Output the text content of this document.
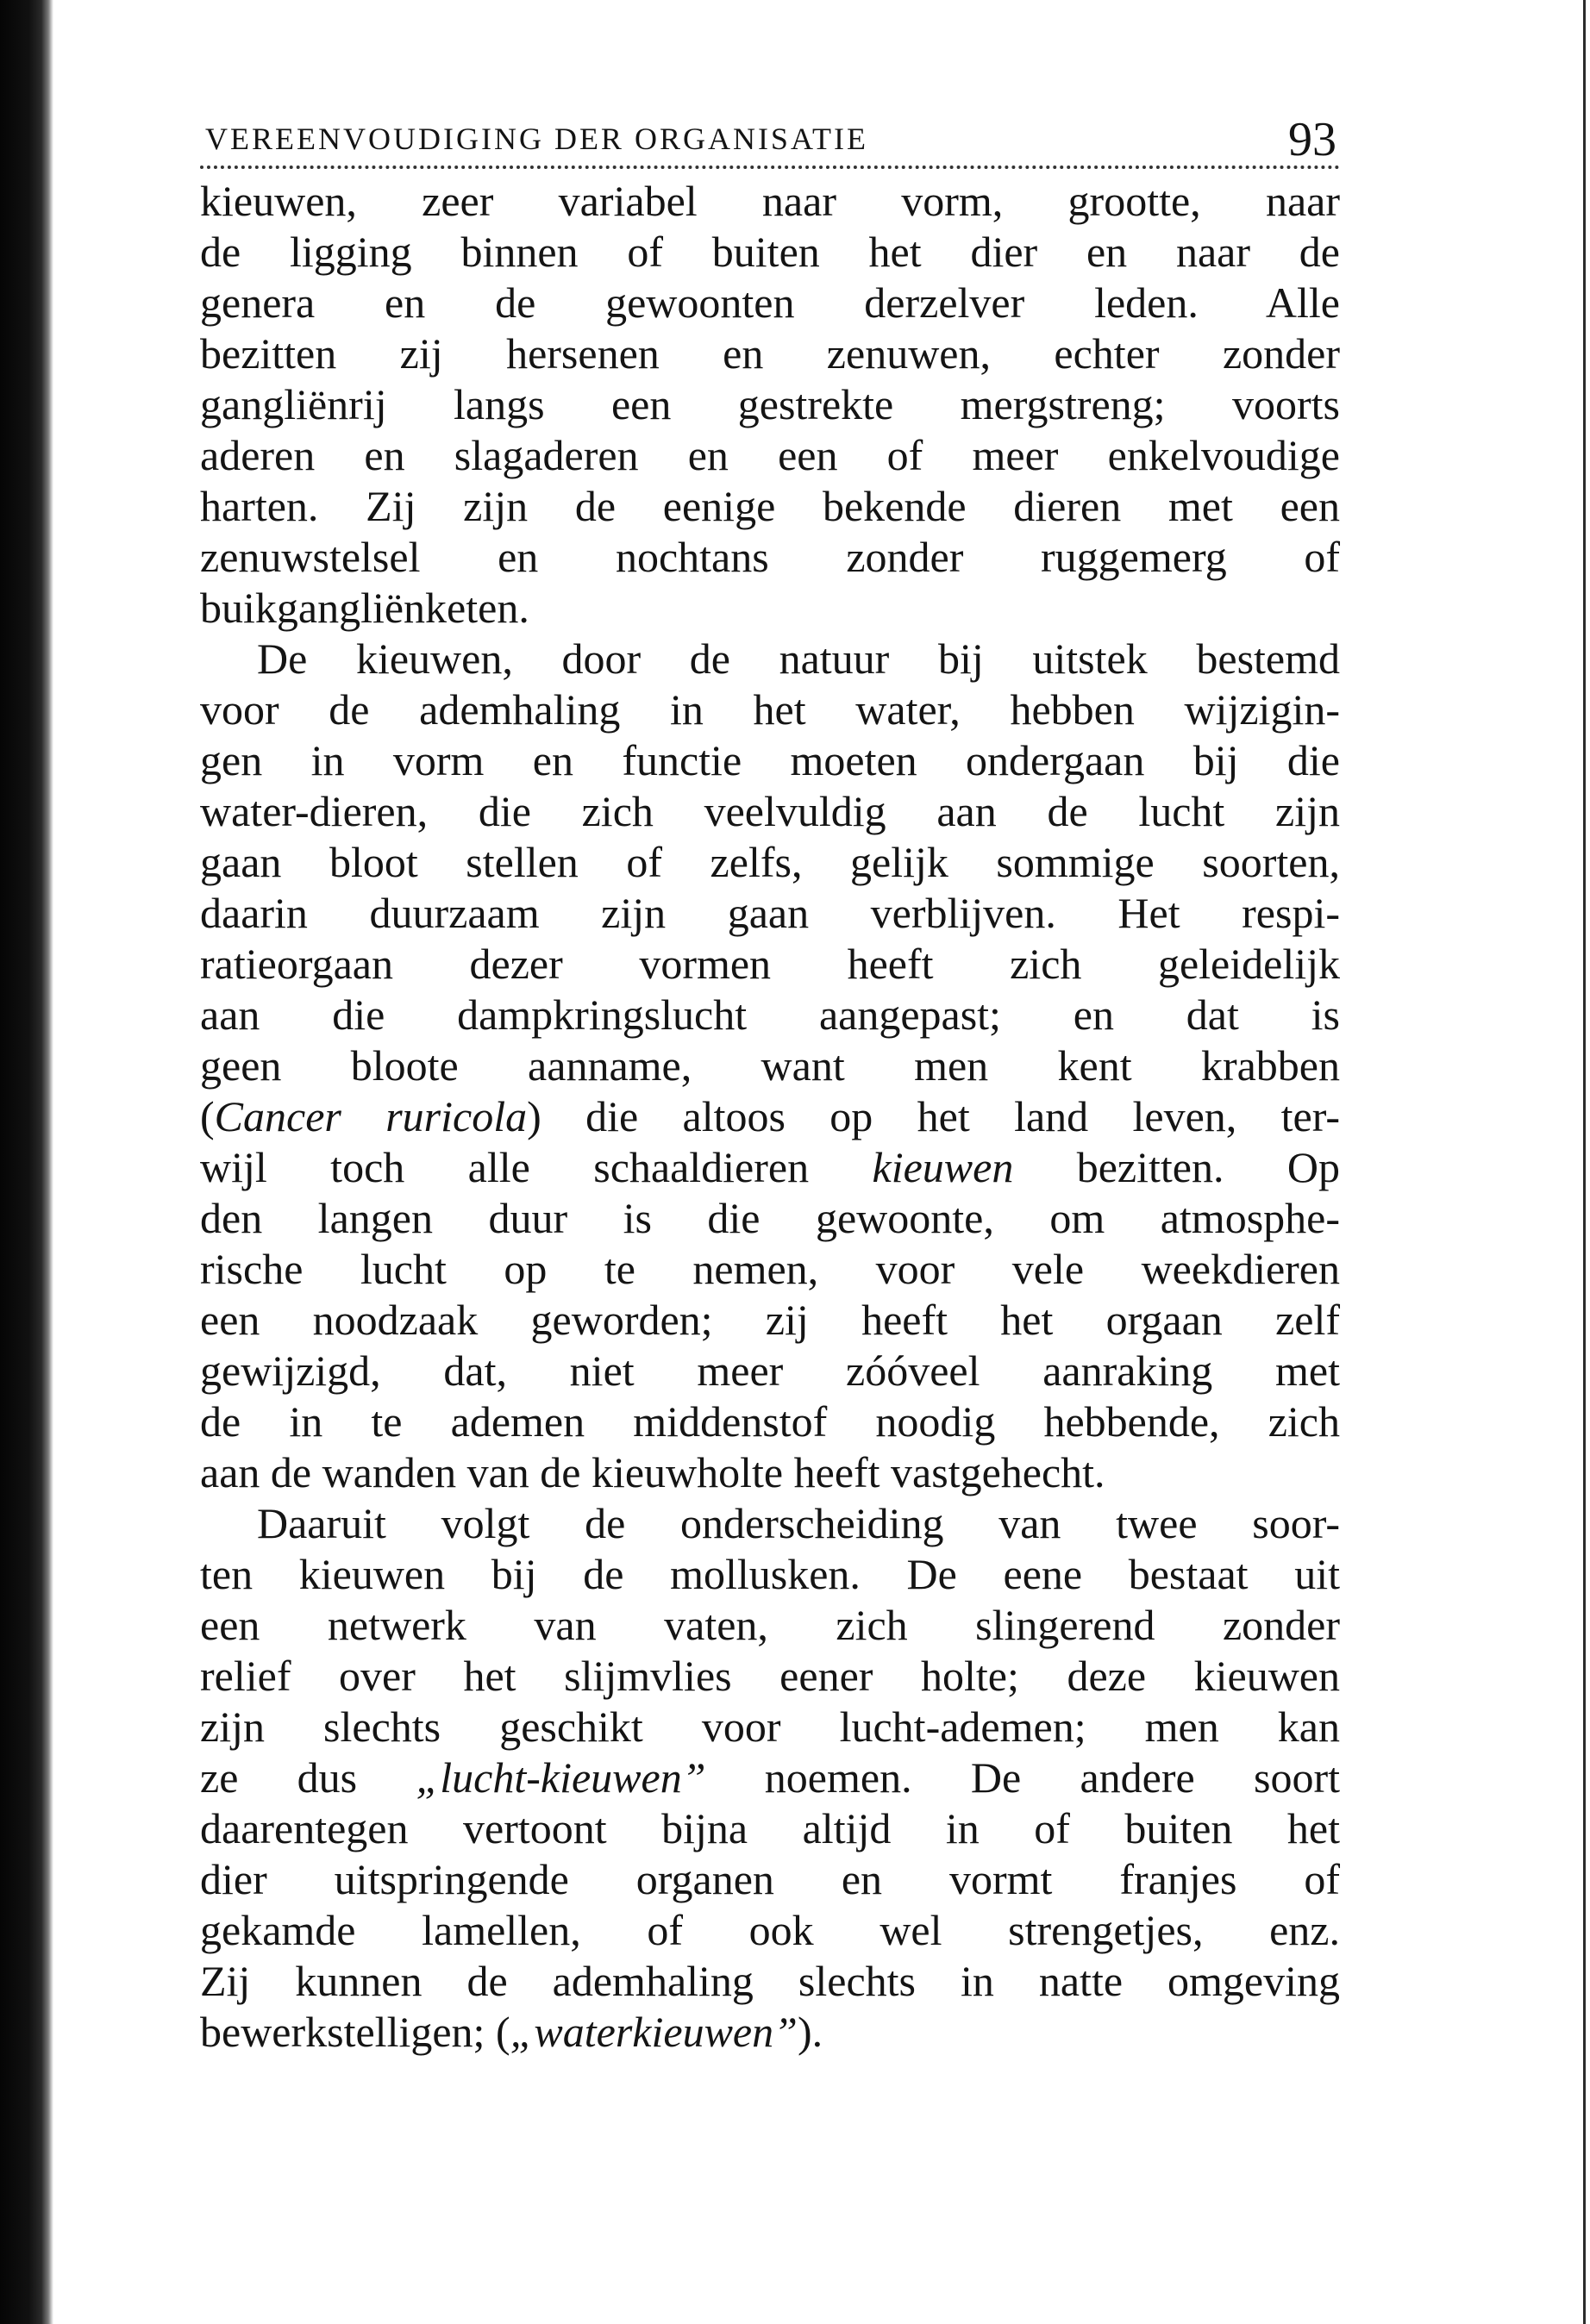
VEREENVOUDIGING DER ORGANISATIE	93
kieuwen, zeer variabel naar vorm, grootte, naar
de ligging binnen of buiten het dier en naar de
genera en de gewoonten derzelver leden. Alle
bezitten zij hersenen en zenuwen, echter zonder
gangliënrij langs een gestrekte mergstreng; voorts
aderen en slagaderen en een of meer enkelvoudige
harten. Zij zijn de eenige bekende dieren met een
zenuwstelsel en nochtans zonder ruggemerg of
buikgangliënketen.
De kieuwen, door de natuur bij uitstek bestemd
voor de ademhaling in het water, hebben wijzigin-
gen in vorm en functie moeten ondergaan bij die
water-dieren, die zich veelvuldig aan de lucht zijn
gaan bloot stellen of zelfs, gelijk sommige soorten,
daarin duurzaam zijn gaan verblijven. Het respi-
ratieorgaan dezer vormen heeft zich geleidelijk
aan die dampkringslucht aangepast; en dat is
geen bloote aanname, want men kent krabben
(Cancer ruricola) die altoos op het land leven, ter-
wijl toch alle schaaldieren kieuwen bezitten. Op
den langen duur is die gewoonte, om atmosphe-
rische lucht op te nemen, voor vele weekdieren
een noodzaak geworden; zij heeft het orgaan zelf
gewijzigd, dat, niet meer zóóveel aanraking met
de in te ademen middenstof noodig hebbende, zich
aan de wanden van de kieuwholte heeft vastgehecht.
Daaruit volgt de onderscheiding van twee soor-
ten kieuwen bij de mollusken. De eene bestaat uit
een netwerk van vaten, zich slingerend zonder
relief over het slijmvlies eener holte; deze kieuwen
zijn slechts geschikt voor lucht-ademen; men kan
ze dus „lucht-kieuwen” noemen. De andere soort
daarentegen vertoont bijna altijd in of buiten het
dier uitspringende organen en vormt franjes of
gekamde lamellen, of ook wel strengetjes, enz.
Zij kunnen de ademhaling slechts in natte omgeving
bewerkstelligen; („waterkieuwen”).
